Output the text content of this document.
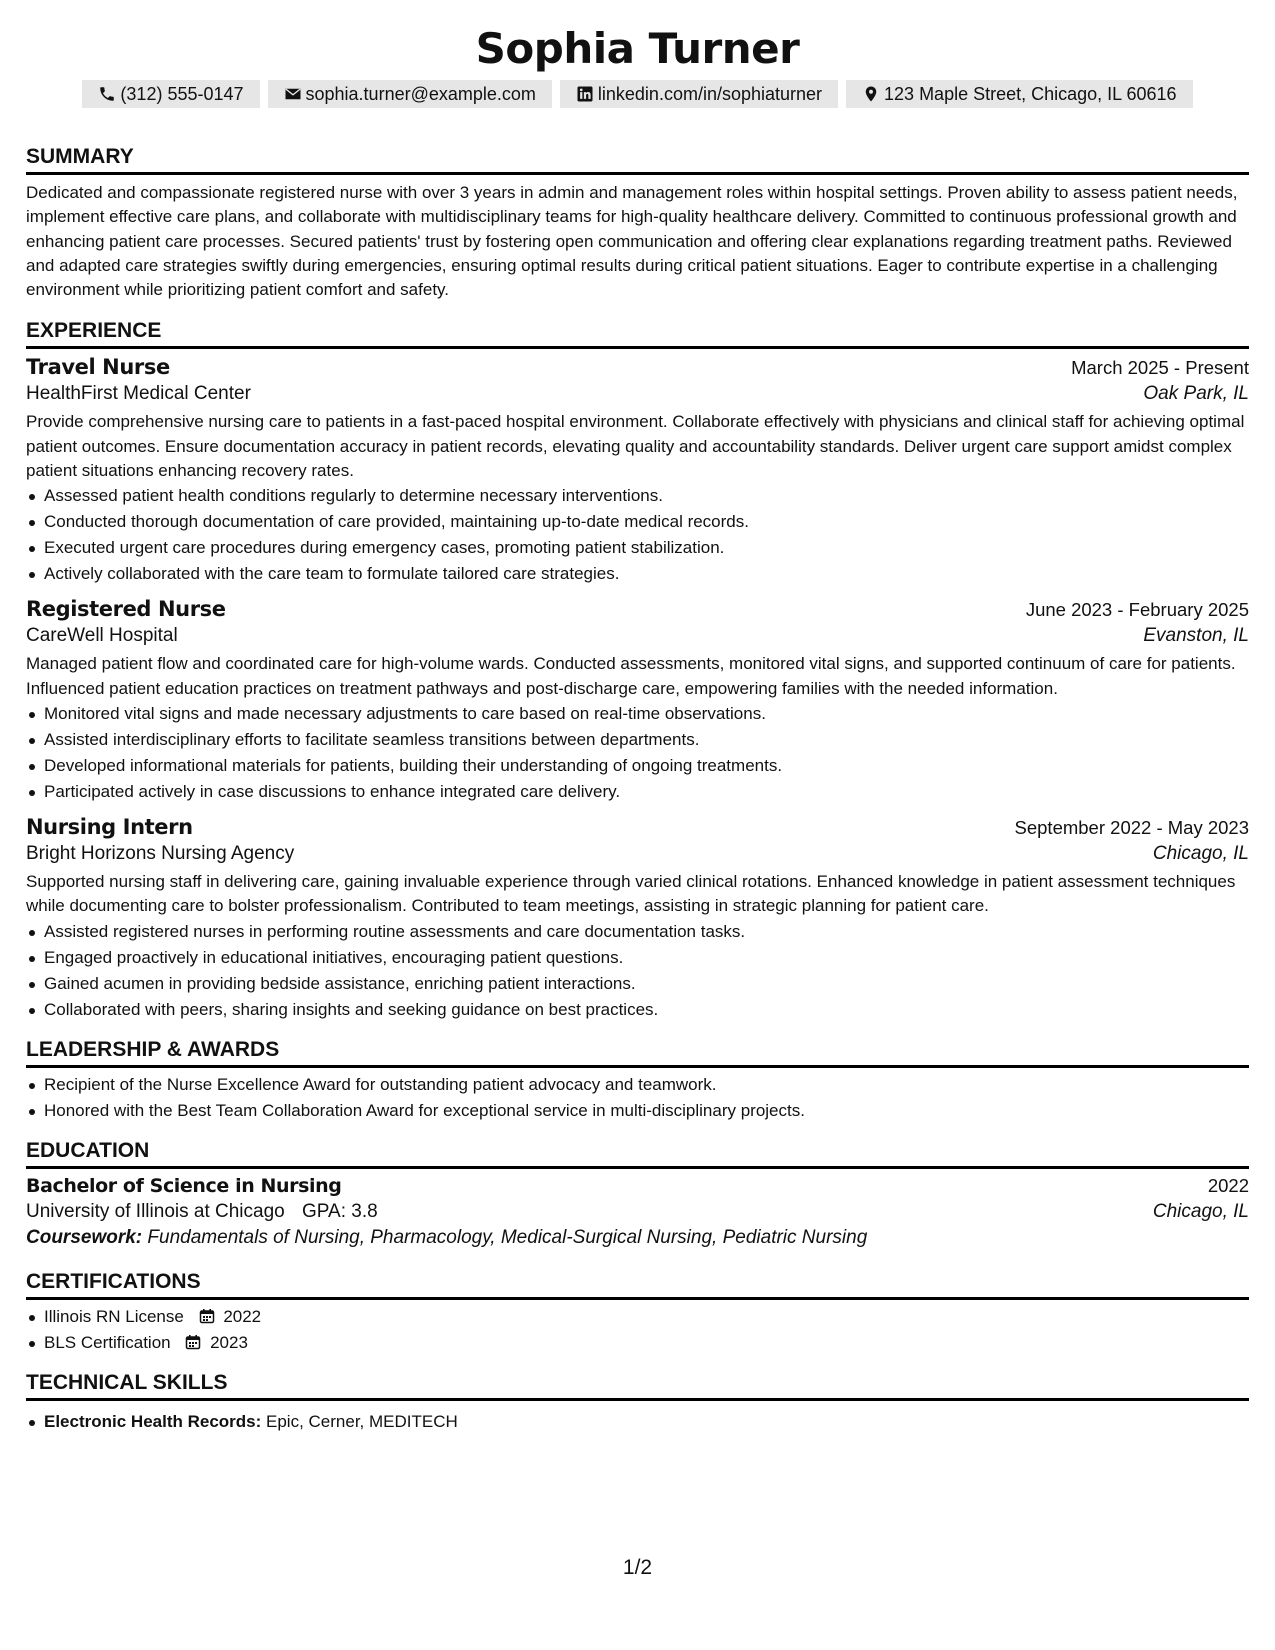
Sophia Turner
(312) 555-0147	sophia.turner@example.com	linkedin.com/in/sophiaturner	123 Maple Street, Chicago, IL 60616
SUMMARY
Dedicated and compassionate registered nurse with over 3 years in admin and management roles within hospital settings. Proven ability to assess patient needs, implement effective care plans, and collaborate with multidisciplinary teams for high-quality healthcare delivery. Committed to continuous professional growth and enhancing patient care processes. Secured patients' trust by fostering open communication and offering clear explanations regarding treatment paths. Reviewed and adapted care strategies swiftly during emergencies, ensuring optimal results during critical patient situations. Eager to contribute expertise in a challenging environment while prioritizing patient comfort and safety.
EXPERIENCE
Travel Nurse	March 2025 - Present
HealthFirst Medical Center	Oak Park, IL
Provide comprehensive nursing care to patients in a fast-paced hospital environment. Collaborate effectively with physicians and clinical staff for achieving optimal patient outcomes. Ensure documentation accuracy in patient records, elevating quality and accountability standards. Deliver urgent care support amidst complex patient situations enhancing recovery rates.
Assessed patient health conditions regularly to determine necessary interventions.
Conducted thorough documentation of care provided, maintaining up-to-date medical records.
Executed urgent care procedures during emergency cases, promoting patient stabilization.
Actively collaborated with the care team to formulate tailored care strategies.
Registered Nurse	June 2023 - February 2025
CareWell Hospital	Evanston, IL
Managed patient flow and coordinated care for high-volume wards. Conducted assessments, monitored vital signs, and supported continuum of care for patients. Influenced patient education practices on treatment pathways and post-discharge care, empowering families with the needed information.
Monitored vital signs and made necessary adjustments to care based on real-time observations.
Assisted interdisciplinary efforts to facilitate seamless transitions between departments.
Developed informational materials for patients, building their understanding of ongoing treatments.
Participated actively in case discussions to enhance integrated care delivery.
Nursing Intern	September 2022 - May 2023
Bright Horizons Nursing Agency	Chicago, IL
Supported nursing staff in delivering care, gaining invaluable experience through varied clinical rotations. Enhanced knowledge in patient assessment techniques while documenting care to bolster professionalism. Contributed to team meetings, assisting in strategic planning for patient care.
Assisted registered nurses in performing routine assessments and care documentation tasks.
Engaged proactively in educational initiatives, encouraging patient questions.
Gained acumen in providing bedside assistance, enriching patient interactions.
Collaborated with peers, sharing insights and seeking guidance on best practices.
LEADERSHIP & AWARDS
Recipient of the Nurse Excellence Award for outstanding patient advocacy and teamwork.
Honored with the Best Team Collaboration Award for exceptional service in multi-disciplinary projects.
EDUCATION
Bachelor of Science in Nursing	2022
University of Illinois at Chicago GPA: 3.8	Chicago, IL
Coursework: Fundamentals of Nursing, Pharmacology, Medical-Surgical Nursing, Pediatric Nursing
CERTIFICATIONS
Illinois RN License 2022
BLS Certification 2023
TECHNICAL SKILLS
Electronic Health Records: Epic, Cerner, MEDITECH
1/2
